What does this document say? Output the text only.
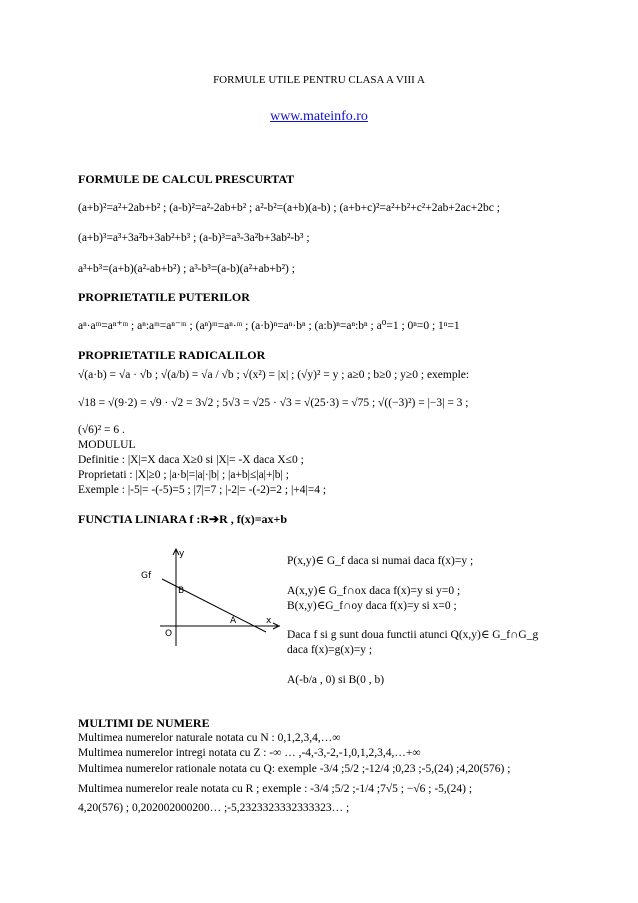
FORMULE UTILE PENTRU CLASA A VIII A
www.mateinfo.ro
FORMULE DE CALCUL PRESCURTAT
(a+b)²=a²+2ab+b² ; (a-b)²=a²-2ab+b² ; a²-b²=(a+b)(a-b) ; (a+b+c)²=a²+b²+c²+2ab+2ac+2bc ;
(a+b)³=a³+3a²b+3ab²+b³ ; (a-b)³=a³-3a²b+3ab²-b³ ;
a³+b³=(a+b)(a²-ab+b²) ; a³-b³=(a-b)(a²+ab+b²) ;
PROPRIETATILE PUTERILOR
aⁿ·aᵐ=aⁿ⁺ᵐ ; aⁿ:aᵐ=aⁿ⁻ᵐ ; (aⁿ)ᵐ=aⁿ·ᵐ ; (a·b)ⁿ=aⁿ·bⁿ ; (a:b)ⁿ=aⁿ:bⁿ ; a⁰=1 ; 0ⁿ=0 ; 1ⁿ=1
PROPRIETATILE RADICALILOR
√(a·b) = √a · √b ; √(a/b) = √a / √b ; √(x²) = |x| ; (√y)² = y ; a≥0 ; b≥0 ; y≥0 ; exemple:
√18 = √(9·2) = √9 · √2 = 3√2 ; 5√3 = √25 · √3 = √(25·3) = √75 ; √((−3)²) = |−3| = 3 ;
(√6)² = 6 .
MODULUL
Definitie : |X|=X daca X≥0 si |X|= -X daca X≤0 ;
Proprietati : |X|≥0 ; |a·b|=|a|·|b| ; |a+b|≤|a|+|b| ;
Exemple : |-5|= -(-5)=5 ; |7|=7 ; |-2|= -(-2)=2 ; |+4|=4 ;
FUNCTIA LINIARA f :R➔R , f(x)=ax+b
y
Gf
B
O
A	x
P(x,y)∈ G_f daca si numai daca f(x)=y ;
A(x,y)∈ G_f∩ox daca f(x)=y si y=0 ;
B(x,y)∈G_f∩oy daca f(x)=y si x=0 ;
Daca f si g sunt doua functii atunci Q(x,y)∈ G_f∩G_g
daca f(x)=g(x)=y ;
A(-b/a , 0) si B(0 , b)
MULTIMI DE NUMERE
Multimea numerelor naturale notata cu N : 0,1,2,3,4,…∞
Multimea numerelor intregi notata cu Z : -∞ … ,-4,-3,-2,-1,0,1,2,3,4,…+∞
Multimea numerelor rationale notata cu Q: exemple -3/4 ;5/2 ;-12/4 ;0,23 ;-5,(24) ;4,20(576) ;
Multimea numerelor reale notata cu R ; exemple : -3/4 ;5/2 ;-1/4 ;7√5 ; −√6 ; -5,(24) ;
4,20(576) ; 0,202002000200… ;-5,2323323332333323… ;
